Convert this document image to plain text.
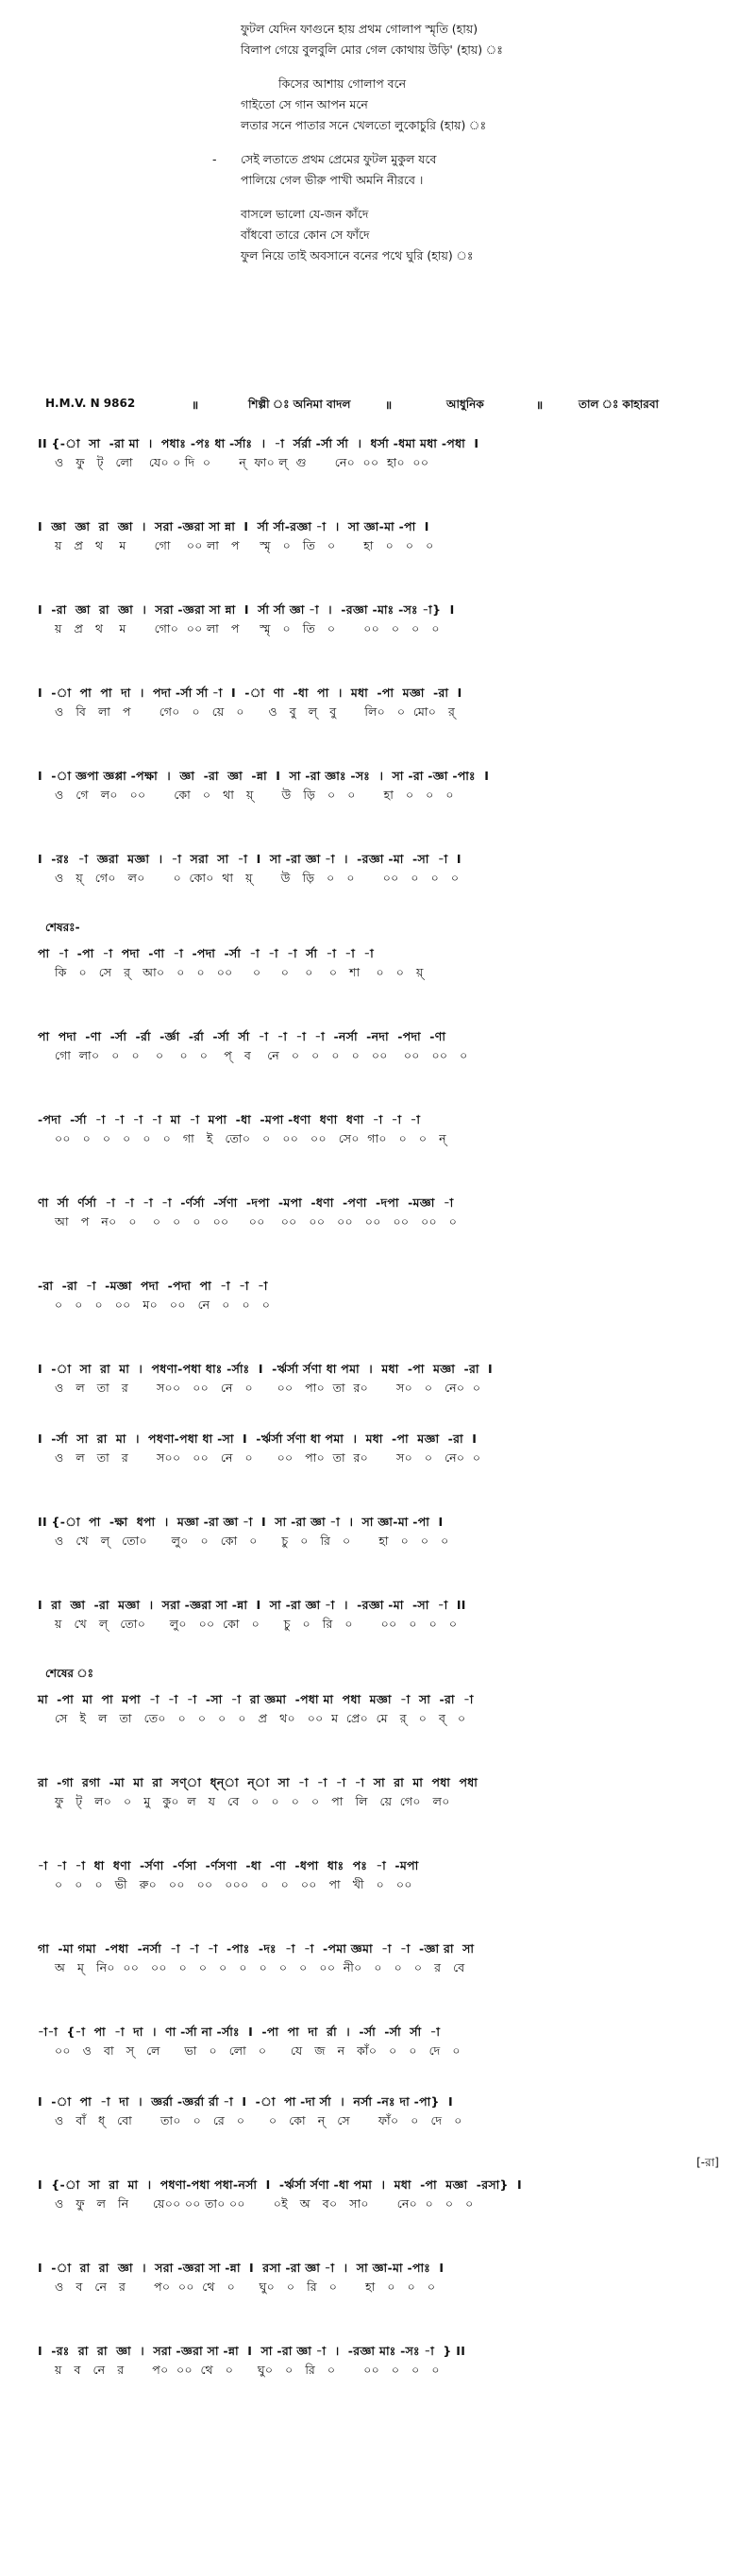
ফুটল যেদিন ফাগুনে হায় প্রথম গোলাপ স্মৃতি (হায়)
বিলাপ গেয়ে বুলবুলি মোর গেল কোথায় উড়ি' (হায়) ঃ
কিসের আশায় গোলাপ বনে
গাইতো সে গান আপন মনে
লতার সনে পাতার সনে খেলতো লুকোচুরি (হায়) ঃ
- সেই লতাতে প্রথম প্রেমের ফুটল মুকুল যবে
পালিয়ে গেল ভীরু পাখী অমনি নীরবে ।
বাসলে ভালো যে-জন কাঁদে
বাঁধবো তারে কোন সে ফাঁদে
ফুল নিয়ে তাই অবসানে বনের পথে ঘুরি (হায়) ঃ
H.M.V. N 9862	॥	শিল্পী ঃ অনিমা বাদল	॥	আধুনিক	॥	তাল ঃ কাহারবা
II {-া  সা  -রা মা  ।  পধাঃ -পঃ ধা -র্সাঃ  ।  -া  র্সর্রা -র্সা র্সা  ।  ধর্সা -ধমা মধা -পধা  I
ও   ফু   ট্   লো    যে০ ০ দি  ০       ন্  ফা০ ল্  গু       নে০  ০০  হা০  ০০
I  জ্ঞা  জ্ঞা  রা  জ্ঞা  ।  সরা -জ্ঞরা সা ন্না  I  র্সা র্সা-রজ্ঞা -া  ।  সা জ্ঞা-মা -পা  I
য়   প্র   থ    ম       গো    ০০ লা   প     স্মৃ   ০   তি   ০       হা   ০   ০   ০
I  -রা  জ্ঞা  রা  জ্ঞা  ।  সরা -জ্ঞরা সা ন্না  I  র্সা র্সা জ্ঞা -া  ।  -রজ্ঞা -মাঃ -সঃ -া}  I
য়   প্র   থ    ম       গো০  ০০ লা   প     স্মৃ   ০   তি   ০       ০০   ০   ০   ০
I  -া  পা  পা  দা  ।  পদা -র্সা র্সা -া  I  -া  ণা  -ধা  পা  ।  মধা  -পা  মজ্ঞা  -রা  I
ও   বি   লা   প       গে০   ০   য়ে   ০      ও   বু   ল্   বু       লি০   ০  মো০   র্
I  -া জ্ঞপা জ্ঞপ্পা -পক্ষা  ।  জ্ঞা  -রা  জ্ঞা  -ন্না  I  সা -রা জ্ঞাঃ -সঃ  ।  সা -রা -জ্ঞা -পাঃ  I
ও   গে   ল০   ০০       কো   ০   থা   য়্       উ   ড়ি   ০   ০       হা   ০   ০   ০
I  -রঃ  -া  জ্ঞরা  মজ্ঞা  ।  -া  সরা  সা  -া  I  সা -রা জ্ঞা -া  ।  -রজ্ঞা -মা  -সা  -া  I
ও   য়্   গে০   ল০       ০  কো০  থা   য়্       উ   ড়ি   ০   ০       ০০   ০   ০   ০
শেষরঃ-
পা  -া  -পা  -া  পদা  -ণা  -া  -পদা  -র্সা  -া  -া  -া  র্সা  -া  -া  -া
কি   ০   সে   র্   আ০   ০   ০   ০০     ০     ০    ০    ০   শা    ০   ০   য়্
পা  পদা  -ণা  -র্সা  -র্রা  -র্জ্ঞা  -র্রা  -র্সা  র্সা  -া  -া  -া  -া  -নর্সা  -নদা  -পদা  -ণা
গো  লা০   ০   ০    ০    ০   ০    প্   ব    নে   ০   ০   ০   ০   ০০    ০০   ০০   ০
-পদা  -র্সা  -া  -া  -া  -া  মা  -া  মপা  -ধা  -মপা -ধণা  ধণা  ধণা  -া  -া  -া
০০   ০   ০   ০   ০   ০   গা   ই   তো০   ০   ০০   ০০   সে০  গা০   ০   ০   ন্
ণা  র্সা  র্ণর্সা  -া  -া  -া  -া  -র্ণর্সা  -র্সণা  -দপা  -মপা  -ধণা  -পণা  -দপা  -মজ্ঞা  -া
আ   প   ন০   ০    ০   ০   ০   ০০     ০০    ০০   ০০   ০০   ০০   ০০   ০০   ০
-রা  -রা  -া  -মজ্ঞা  পদা  -পদা  পা  -া  -া  -া
০   ০   ০   ০০   ম০   ০০   নে   ০   ০   ০
I  -া  সা  রা  মা  ।  পধণা-পধা ধাঃ -র্সাঃ  I  -র্ঋর্সা র্সণা ধা পমা  ।  মধা  -পা  মজ্ঞা  -রা  I
ও   ল   তা   র       স০০   ০০   নে   ০      ০০   পা০  তা  র০       স০   ০   নে০  ০
I  -র্সা  সা  রা  মা  ।  পধণা-পধা ধা -সা  I  -র্ঋর্সা র্সণা ধা পমা  ।  মধা  -পা  মজ্ঞা  -রা  I
ও   ল   তা   র       স০০   ০০   নে   ০      ০০   পা০  তা  র০       স০   ০   নে০  ০
II {-া  পা  -ক্ষা  ধপা  ।  মজ্ঞা -রা জ্ঞা -া  I  সা -রা জ্ঞা -া  ।  সা জ্ঞা-মা -পা  I
ও   খে   ল্   তো০      লু০   ০   কো   ০      চু   ০   রি   ০       হা   ০   ০   ০
I  রা  জ্ঞা  -রা  মজ্ঞা  ।  সরা -জ্ঞরা সা -ন্না  I  সা -রা জ্ঞা -া  ।  -রজ্ঞা -মা  -সা  -া  II
য়   খে   ল্   তো০      লু০   ০০  কো   ০      চু   ০   রি   ০       ০০   ০   ০   ০
শেষের ঃ
মা  -পা  মা  পা  মপা  -া  -া  -া  -সা  -া  রা জ্ঞমা  -পধা মা  পধা  মজ্ঞা  -া  সা  -রা  -া
সে   ই   ল   তা   তে০   ০   ০   ০   ০   প্র   থ০   ০০  ম  প্রে০  মে   র্   ০   ব্   ০
রা  -গা  রগা  -মা  মা  রা  সণ্া  ধ্ন্া  ন্া  সা  -া  -া  -া  -া  সা  রা  মা  পধা  পধা
ফু   ট্   ল০   ০   মু   কু০  ল   য   বে   ০   ০   ০   ০   পা   লি   য়ে  গে০   ল০
-া  -া  -া  ধা  ধণা  -র্সণা  -র্ণসা  -র্ণসণা  -ধা  -ণা  -ধপা  ধাঃ  পঃ  -া  -মপা
০   ০   ০   ভী   রু০   ০০   ০০   ০০০   ০   ০   ০০   পা   খী   ০   ০০
গা  -মা গমা  -পধা  -নর্সা  -া  -া  -া  -পাঃ  -দঃ  -া  -া  -পমা জ্ঞমা  -া  -া  -জ্ঞা রা  সা
অ   ম্   নি০  ০০   ০০   ০   ০   ০   ০   ০   ০   ০   ০০  নী০   ০   ০   ০   র   বে
-া-া  {-া  পা  -া  দা  ।  ণা -র্সা না -র্সাঃ  I  -পা  পা  দা  র্রা  ।  -র্সা  -র্সা  র্সা  -া
০০   ও   বা   স্   লে      ভা   ০   লো   ০      যে   জ   ন   কাঁ০   ০   ০   দে   ০
I  -া  পা  -া  দা  ।  জ্ঞর্রা -জ্ঞর্রা র্রা -া  I  -া  পা -দা র্সা  ।  নর্সা -নঃ দা -পা}  I
ও   বাঁ   ধ্   বো       তা০   ০   রে   ০      ০   কো   ন্   সে       ফাঁ০   ০   দে   ০
[-রা]
I  {-া  সা  রা  মা  ।  পধণা-পধা পধা-নর্সা  I  -র্ঋর্সা র্সণা -ধা পমা  ।  মধা  -পা  মজ্ঞা  -রসা}  I
ও   ফু   ল   নি      য়ে০০ ০০ তা০ ০০       ০ই   অ   ব০   সা০       নে০  ০   ০   ০
I  -া  রা  রা  জ্ঞা  ।  সরা -জ্ঞরা সা -ন্না  I  রসা -রা জ্ঞা -া  ।  সা জ্ঞা-মা -পাঃ  I
ও   ব   নে   র       প০  ০০  থে   ০      ঘু০   ০   রি   ০       হা   ০   ০   ০
I  -রঃ  রা  রা  জ্ঞা  ।  সরা -জ্ঞরা সা -ন্না  I  সা -রা জ্ঞা -া  ।  -রজ্ঞা মাঃ -সঃ -া  } II
য়   ব   নে   র       প০  ০০  থে   ০      ঘু০   ০   রি   ০       ০০   ০   ০   ০
